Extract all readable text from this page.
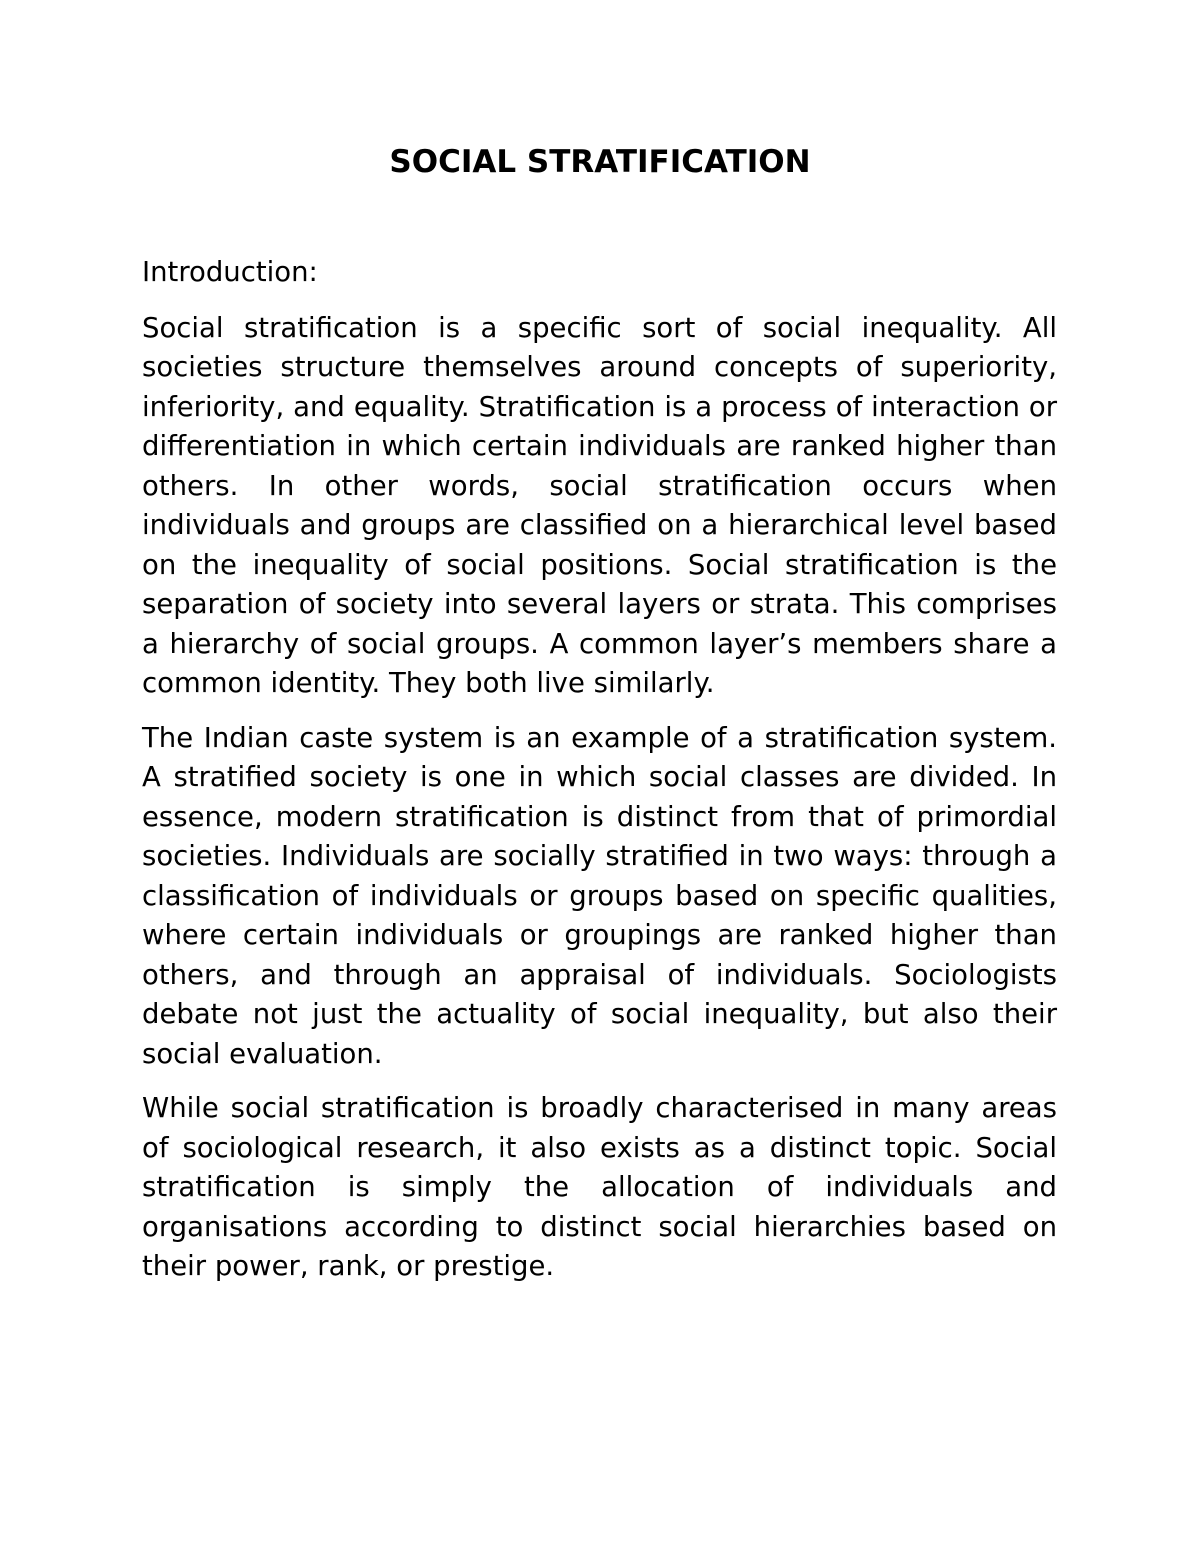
SOCIAL STRATIFICATION

Introduction:

Social stratification is a specific sort of social inequality. All societies structure themselves around concepts of superiority, inferiority, and equality. Stratification is a process of interaction or differentiation in which certain individuals are ranked higher than others. In other words, social stratification occurs when individuals and groups are classified on a hierarchical level based on the inequality of social positions. Social stratification is the separation of society into several layers or strata. This comprises a hierarchy of social groups. A common layer’s members share a common identity. They both live similarly.

The Indian caste system is an example of a stratification system. A stratified society is one in which social classes are divided. In essence, modern stratification is distinct from that of primordial societies. Individuals are socially stratified in two ways: through a classification of individuals or groups based on specific qualities, where certain individuals or groupings are ranked higher than others, and through an appraisal of individuals. Sociologists debate not just the actuality of social inequality, but also their social evaluation.

While social stratification is broadly characterised in many areas of sociological research, it also exists as a distinct topic. Social stratification is simply the allocation of individuals and organisations according to distinct social hierarchies based on their power, rank, or prestige.
